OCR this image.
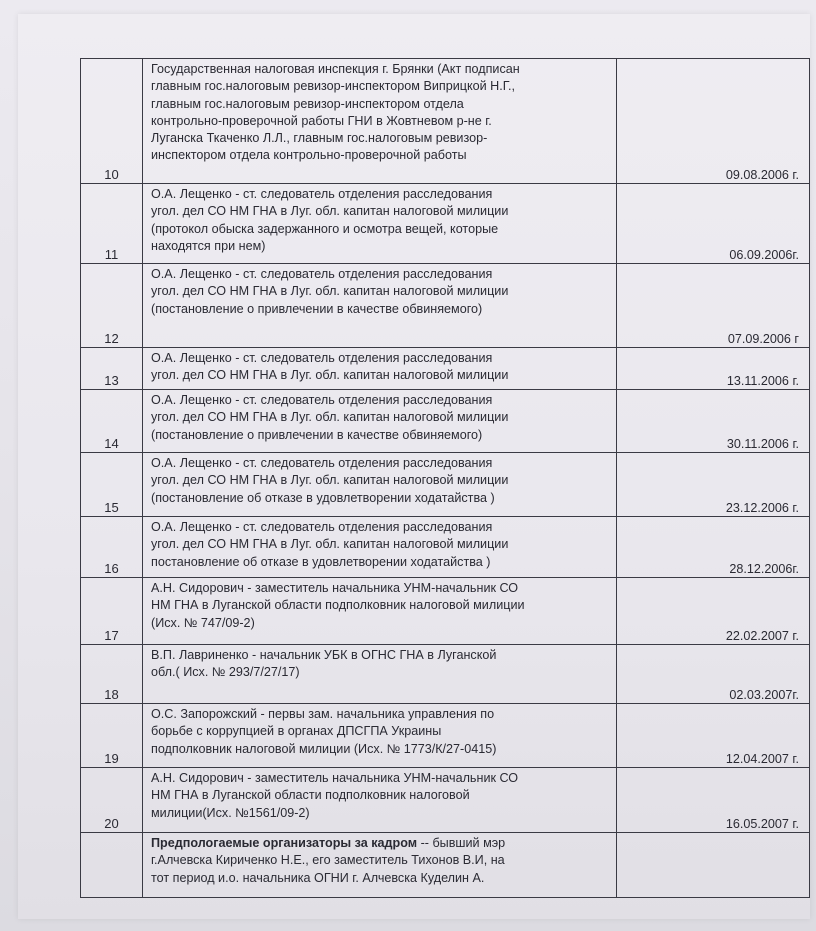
10
Государственная налоговая инспекция г. Брянки (Акт подписан
главным гос.налоговым ревизор-инспектором Виприцкой Н.Г.,
главным гос.налоговым ревизор-инспектором отдела
контрольно-проверочной работы ГНИ в Жовтневом р-не г.
Луганска Ткаченко Л.Л., главным гос.налоговым ревизор-
инспектором отдела контрольно-проверочной работы
09.08.2006 г.
11
О.А. Лещенко - ст. следователь отделения расследования
угол. дел СО НМ ГНА в Луг. обл. капитан налоговой милиции
(протокол обыска задержанного и осмотра вещей, которые
находятся при нем)
06.09.2006г.
12
О.А. Лещенко - ст. следователь отделения расследования
угол. дел СО НМ ГНА в Луг. обл. капитан налоговой милиции
(постановление о привлечении в качестве обвиняемого)
07.09.2006 г
13
О.А. Лещенко - ст. следователь отделения расследования
угол. дел СО НМ ГНА в Луг. обл. капитан налоговой милиции	13.11.2006 г.
14
О.А. Лещенко - ст. следователь отделения расследования
угол. дел СО НМ ГНА в Луг. обл. капитан налоговой милиции
(постановление о привлечении в качестве обвиняемого)
30.11.2006 г.
15
О.А. Лещенко - ст. следователь отделения расследования
угол. дел СО НМ ГНА в Луг. обл. капитан налоговой милиции
(постановление об отказе в удовлетворении ходатайства )
23.12.2006 г.
16
О.А. Лещенко - ст. следователь отделения расследования
угол. дел СО НМ ГНА в Луг. обл. капитан налоговой милиции
постановление об отказе в удовлетворении ходатайства )
28.12.2006г.
17
А.Н. Сидорович - заместитель начальника УНМ-начальник СО
НМ ГНА в Луганской области подполковник налоговой милиции
(Исх. № 747/09-2)
22.02.2007 г.
18
В.П. Лавриненко - начальник УБК в ОГНС ГНА в Луганской
обл.( Исх. № 293/7/27/17)
02.03.2007г.
19
О.С. Запорожский - первы зам. начальника управления по
борьбе с коррупцией в органах ДПСГПА Украины
подполковник налоговой милиции (Исх. № 1773/К/27-0415)
12.04.2007 г.
20
А.Н. Сидорович - заместитель начальника УНМ-начальник СО
НМ ГНА в Луганской области подполковник налоговой
милиции(Исх. №1561/09-2)
16.05.2007 г.
Предпологаемые организаторы за кадром -- бывший мэр
г.Алчевска Кириченко Н.Е., его заместитель Тихонов В.И, на
тот период и.о. начальника ОГНИ г. Алчевска Куделин А.
